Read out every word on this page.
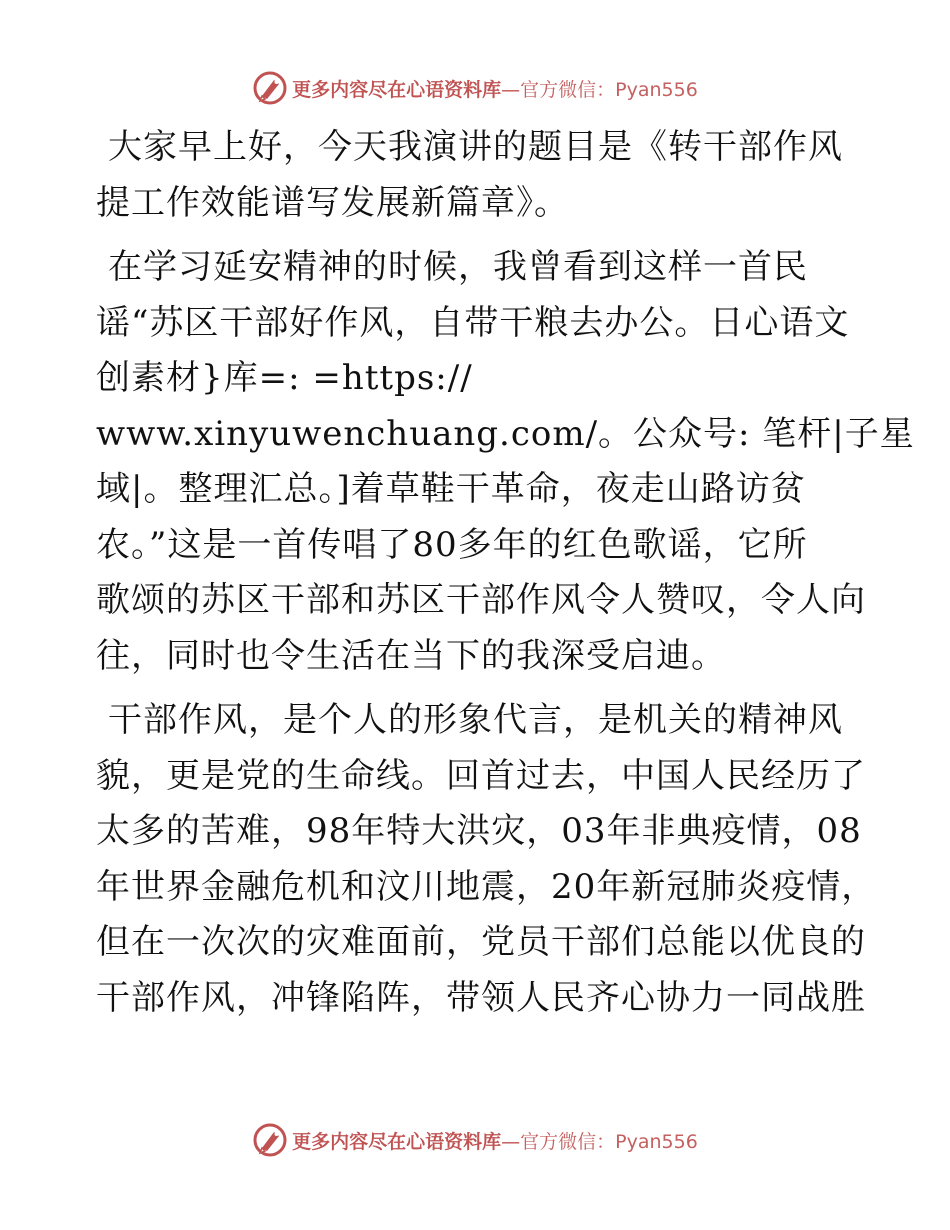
更多内容尽在心语资料库—官方微信：Pyan556
大家早上好，今天我演讲的题目是《转干部作风
提工作效能谱写发展新篇章》。
在学习延安精神的时候，我曾看到这样一首民
谣“苏区干部好作风，自带干粮去办公。日心语文
创素材}库=: =https://
www.xinyuwenchuang.com/。公众号: 笔杆|子星
域|。整理汇总。]着草鞋干革命，夜走山路访贫
农。”这是一首传唱了80多年的红色歌谣，它所
歌颂的苏区干部和苏区干部作风令人赞叹，令人向
往，同时也令生活在当下的我深受启迪。
干部作风，是个人的形象代言，是机关的精神风
貌，更是党的生命线。回首过去，中国人民经历了
太多的苦难，98年特大洪灾，03年非典疫情，08
年世界金融危机和汶川地震，20年新冠肺炎疫情，
但在一次次的灾难面前，党员干部们总能以优良的
干部作风，冲锋陷阵，带领人民齐心协力一同战胜
更多内容尽在心语资料库—官方微信：Pyan556
